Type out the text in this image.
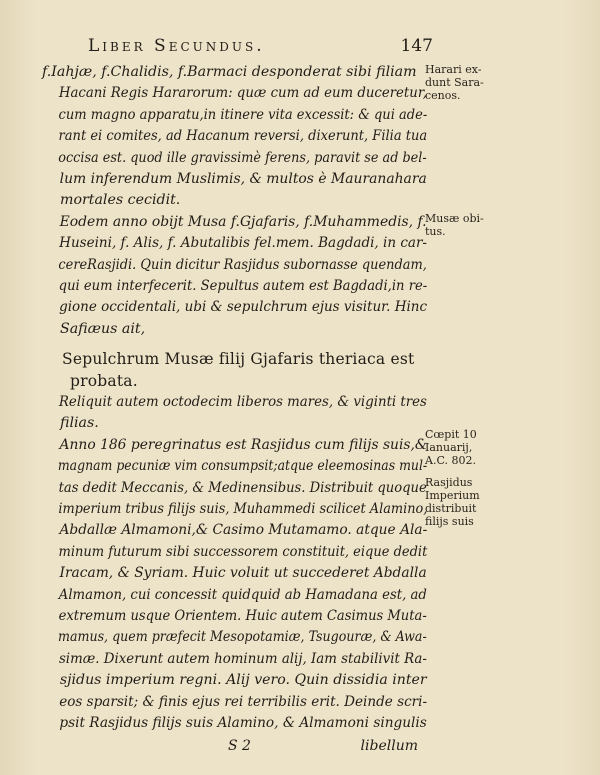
Liber Secundus.	147
f.Iahjæ, f.Chalidis, f.Barmaci desponderat sibi filiam
Hacani Regis Hararorum: quæ cum ad eum duceretur,
cum magno apparatu,in itinere vita excessit: & qui ade-
rant ei comites, ad Hacanum reversi, dixerunt, Filia tua
occisa est. quod ille gravissimè ferens, paravit se ad bel-
lum inferendum Muslimis, & multos è Mauranahara
mortales cecidit.
Eodem anno obijt Musa f.Gjafaris, f.Muhammedis, f.
Huseini, f. Alis, f. Abutalibis fel.mem. Bagdadi, in car-
cereRasjidi. Quin dicitur Rasjidus subornasse quendam,
qui eum interfecerit. Sepultus autem est Bagdadi,in re-
gione occidentali, ubi & sepulchrum ejus visitur. Hinc
Safiæus ait,
Sepulchrum Musæ filij Gjafaris theriaca est
probata.
Reliquit autem octodecim liberos mares, & viginti tres
filias.
Anno 186 peregrinatus est Rasjidus cum filijs suis,&
magnam pecuniæ vim consumpsit;atque eleemosinas mul-
tas dedit Meccanis, & Medinensibus. Distribuit quoque
imperium tribus filijs suis, Muhammedi scilicet Alamino,
Abdallæ Almamoni,& Casimo Mutamamo. atque Ala-
minum futurum sibi successorem constituit, eique dedit
Iracam, & Syriam. Huic voluit ut succederet Abdalla
Almamon, cui concessit quidquid ab Hamadana est, ad
extremum usque Orientem. Huic autem Casimus Muta-
mamus, quem præfecit Mesopotamiæ, Tsugouræ, & Awa-
simæ. Dixerunt autem hominum alij, Iam stabilivit Ra-
sjidus imperium regni. Alij vero. Quin dissidia inter
eos sparsit; & finis ejus rei terribilis erit. Deinde scri-
psit Rasjidus filijs suis Alamino, & Almamoni singulis
Harari ex-
dunt Sara-
cenos.
Musæ obi-
tus.
Cœpit 10
Ianuarij,
A.C. 802.
Rasjidus
Imperium
distribuit
filijs suis
S 2	libellum
